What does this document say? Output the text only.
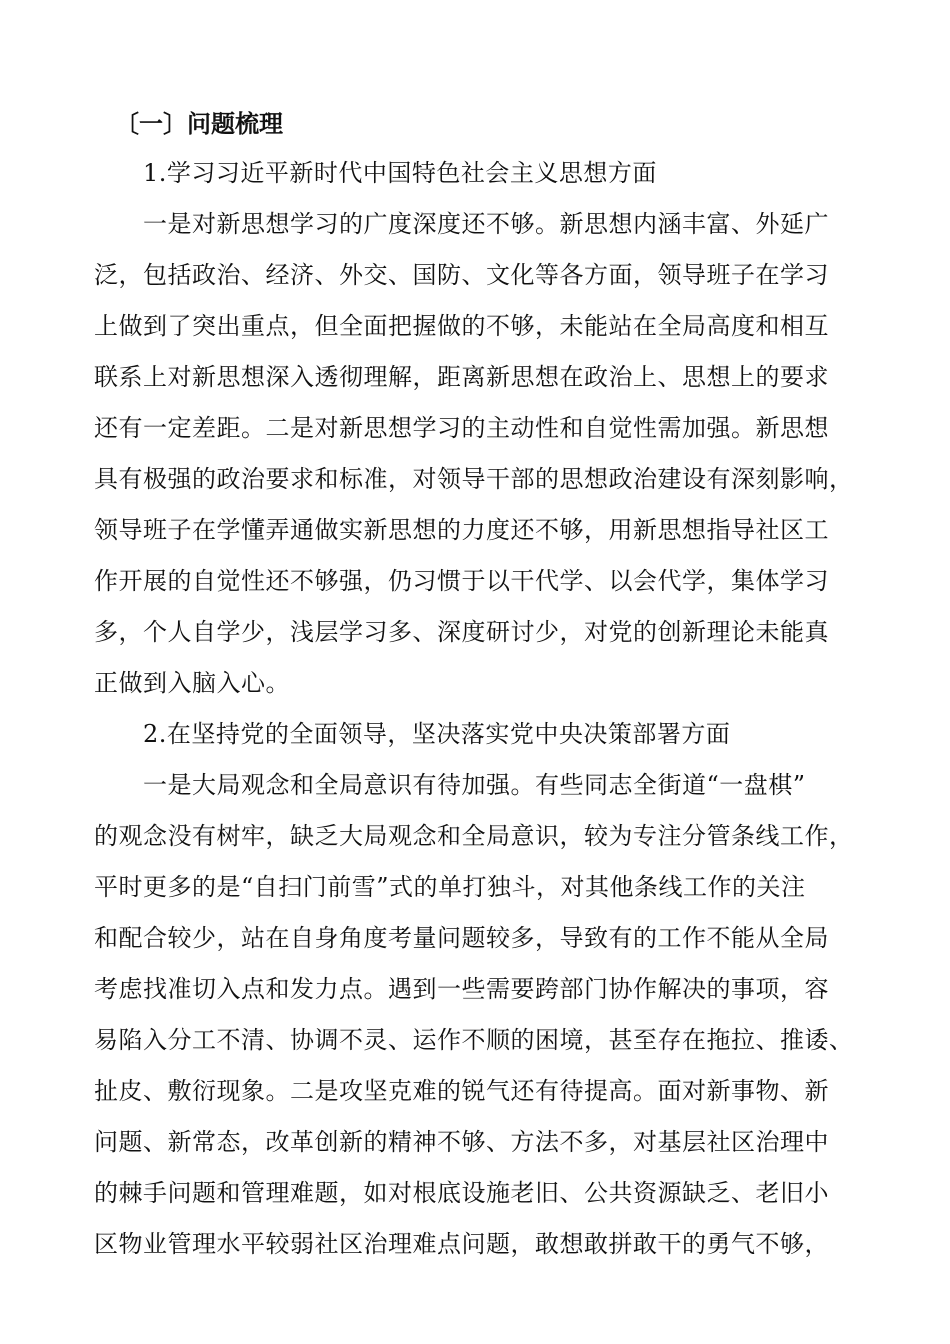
〔一〕问题梳理
1.学习习近平新时代中国特色社会主义思想方面
一是对新思想学习的广度深度还不够。新思想内涵丰富、外延广
泛，包括政治、经济、外交、国防、文化等各方面，领导班子在学习
上做到了突出重点，但全面把握做的不够，未能站在全局高度和相互
联系上对新思想深入透彻理解，距离新思想在政治上、思想上的要求
还有一定差距。二是对新思想学习的主动性和自觉性需加强。新思想
具有极强的政治要求和标准，对领导干部的思想政治建设有深刻影响，
领导班子在学懂弄通做实新思想的力度还不够，用新思想指导社区工
作开展的自觉性还不够强，仍习惯于以干代学、以会代学，集体学习
多，个人自学少，浅层学习多、深度研讨少，对党的创新理论未能真
正做到入脑入心。
2.在坚持党的全面领导，坚决落实党中央决策部署方面
一是大局观念和全局意识有待加强。有些同志全街道“一盘棋”
的观念没有树牢，缺乏大局观念和全局意识，较为专注分管条线工作，
平时更多的是“自扫门前雪”式的单打独斗，对其他条线工作的关注
和配合较少，站在自身角度考量问题较多，导致有的工作不能从全局
考虑找准切入点和发力点。遇到一些需要跨部门协作解决的事项，容
易陷入分工不清、协调不灵、运作不顺的困境，甚至存在拖拉、推诿、
扯皮、敷衍现象。二是攻坚克难的锐气还有待提高。面对新事物、新
问题、新常态，改革创新的精神不够、方法不多，对基层社区治理中
的棘手问题和管理难题，如对根底设施老旧、公共资源缺乏、老旧小
区物业管理水平较弱社区治理难点问题，敢想敢拼敢干的勇气不够，
